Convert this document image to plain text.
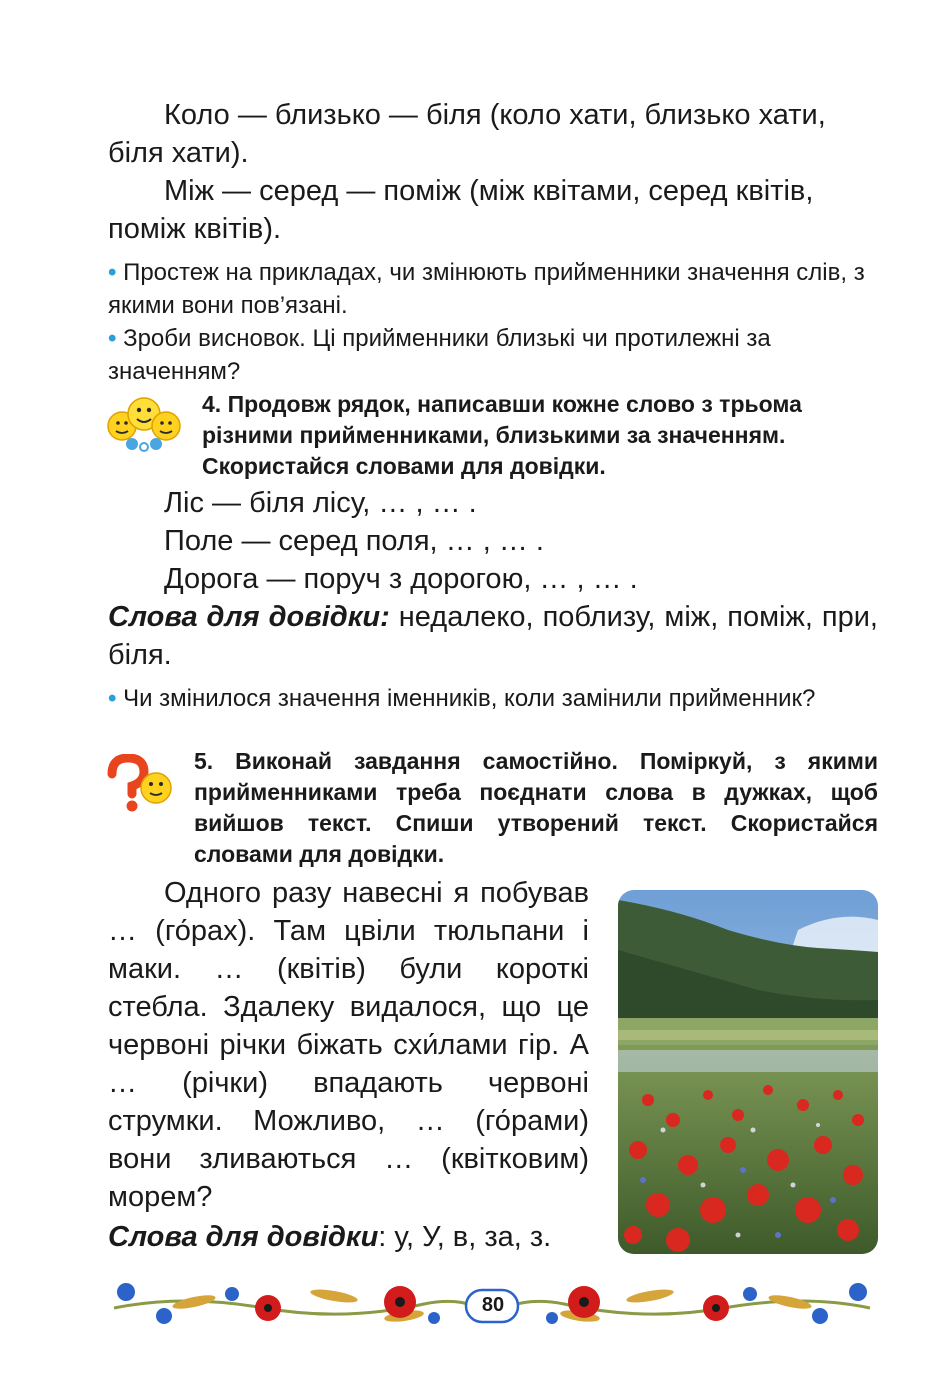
Коло — близько — біля (коло хати, близько хати, біля хати).

Між — серед — поміж (між квітами, серед квітів, поміж квітів).

• Простеж на прикладах, чи змінюють прийменники значення слів, з якими вони пов’язані.

• Зроби висновок. Ці прийменники близькі чи протилежні за значенням?

4. Продовж рядок, написавши кожне слово з трьома різними прийменниками, близькими за значенням. Скористайся словами для довідки.

Ліс — біля лісу, … , … .
Поле — серед поля, … , … .
Дорога — поруч з дорогою, … , … .

Слова для довідки: недалеко, поблизу, між, поміж, при, біля.

• Чи змінилося значення іменників, коли замінили прийменник?

5. Виконай завдання самостійно. Поміркуй, з якими прийменниками треба поєднати слова в дужках, щоб вийшов текст. Спиши утворений текст. Скористайся словами для довідки.

Одного разу навесні я побував … (го́рах). Там цвіли тюльпани і маки. … (квітів) були короткі стебла. Здалеку видалося, що це червоні річки біжать схи́лами гір. А … (річки) впадають червоні струмки. Можливо, … (го́рами) вони зливаються … (квітковим) морем?

Слова для довідки: у, У, в, за, з.

80
